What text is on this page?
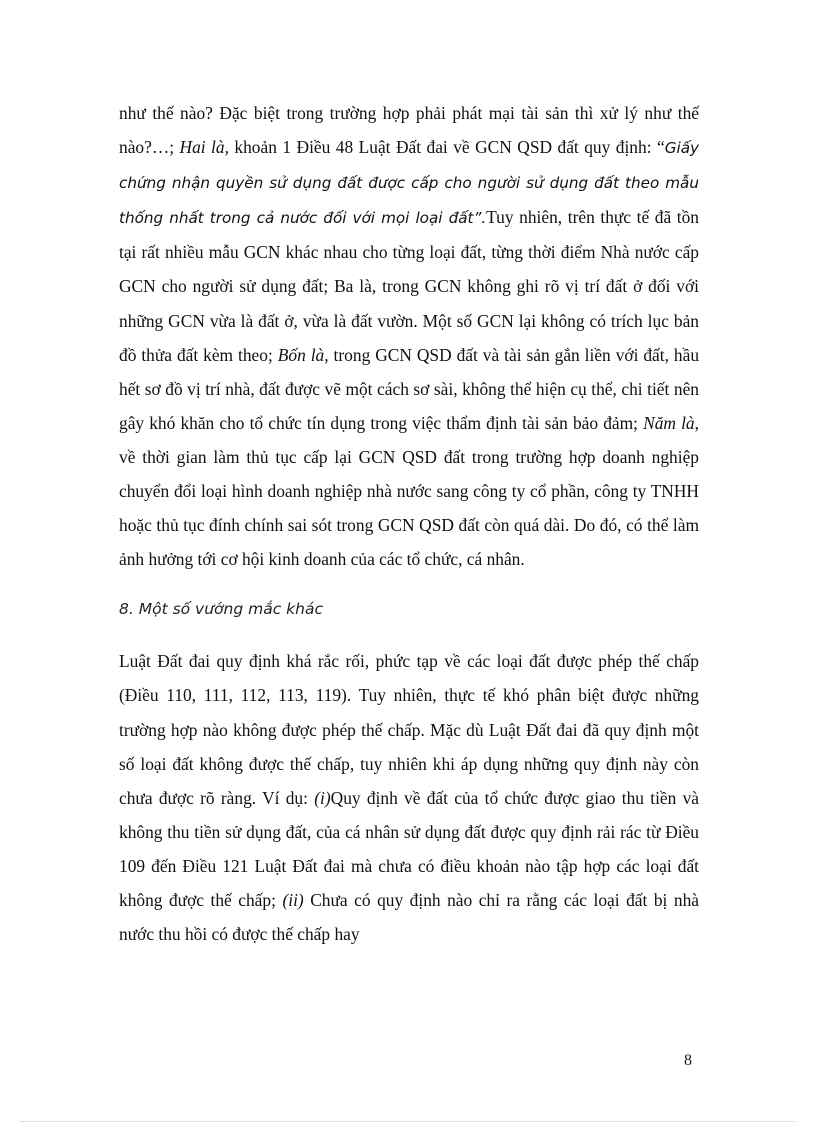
như thế nào? Đặc biệt trong trường hợp phải phát mại tài sản thì xử lý như thế nào?…; Hai là, khoản 1 Điều 48 Luật Đất đai về GCN QSD đất quy định: “Giấy chứng nhận quyền sử dụng đất được cấp cho người sử dụng đất theo mẫu thống nhất trong cả nước đối với mọi loại đất”.Tuy nhiên, trên thực tế đã tồn tại rất nhiều mẫu GCN khác nhau cho từng loại đất, từng thời điểm Nhà nước cấp GCN cho người sử dụng đất; Ba là, trong GCN không ghi rõ vị trí đất ở đối với những GCN vừa là đất ở, vừa là đất vườn. Một số GCN lại không có trích lục bản đồ thửa đất kèm theo; Bốn là, trong GCN QSD đất và tài sản gắn liền với đất, hầu hết sơ đồ vị trí nhà, đất được vẽ một cách sơ sài, không thể hiện cụ thể, chi tiết nên gây khó khăn cho tổ chức tín dụng trong việc thẩm định tài sản bảo đảm; Năm là, về thời gian làm thủ tục cấp lại GCN QSD đất trong trường hợp doanh nghiệp chuyển đổi loại hình doanh nghiệp nhà nước sang công ty cổ phần, công ty TNHH hoặc thủ tục đính chính sai sót trong GCN QSD đất còn quá dài. Do đó, có thể làm ảnh hưởng tới cơ hội kinh doanh của các tổ chức, cá nhân.

8. Một số vướng mắc khác

Luật Đất đai quy định khá rắc rối, phức tạp về các loại đất được phép thế chấp (Điều 110, 111, 112, 113, 119). Tuy nhiên, thực tế khó phân biệt được những trường hợp nào không được phép thế chấp. Mặc dù Luật Đất đai đã quy định một số loại đất không được thế chấp, tuy nhiên khi áp dụng những quy định này còn chưa được rõ ràng. Ví dụ: (i)Quy định về đất của tổ chức được giao thu tiền và không thu tiền sử dụng đất, của cá nhân sử dụng đất được quy định rải rác từ Điều 109 đến Điều 121 Luật Đất đai mà chưa có điều khoản nào tập hợp các loại đất không được thế chấp; (ii) Chưa có quy định nào chỉ ra rằng các loại đất bị nhà nước thu hồi có được thế chấp hay

8
